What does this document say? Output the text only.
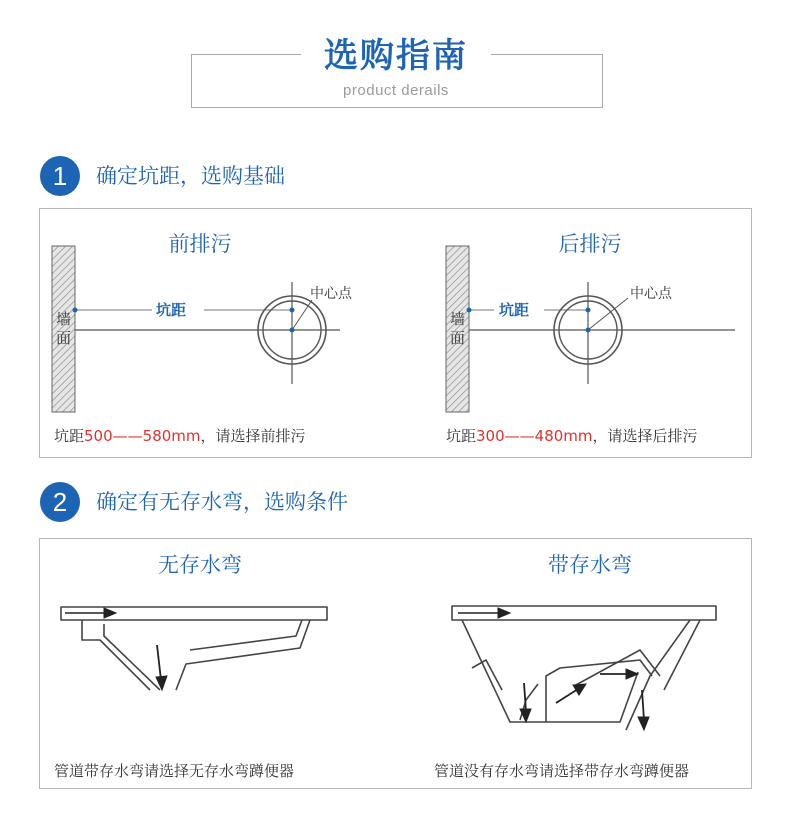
选购指南
product derails
1	确定坑距，选购基础
前排污	后排污
墙面
坑距
中心点
墙面
坑距
中心点
坑距500——580mm，请选择前排污	坑距300——480mm，请选择后排污
2	确定有无存水弯，选购条件
无存水弯	带存水弯
管道带存水弯请选择无存水弯蹲便器	管道没有存水弯请选择带存水弯蹲便器
